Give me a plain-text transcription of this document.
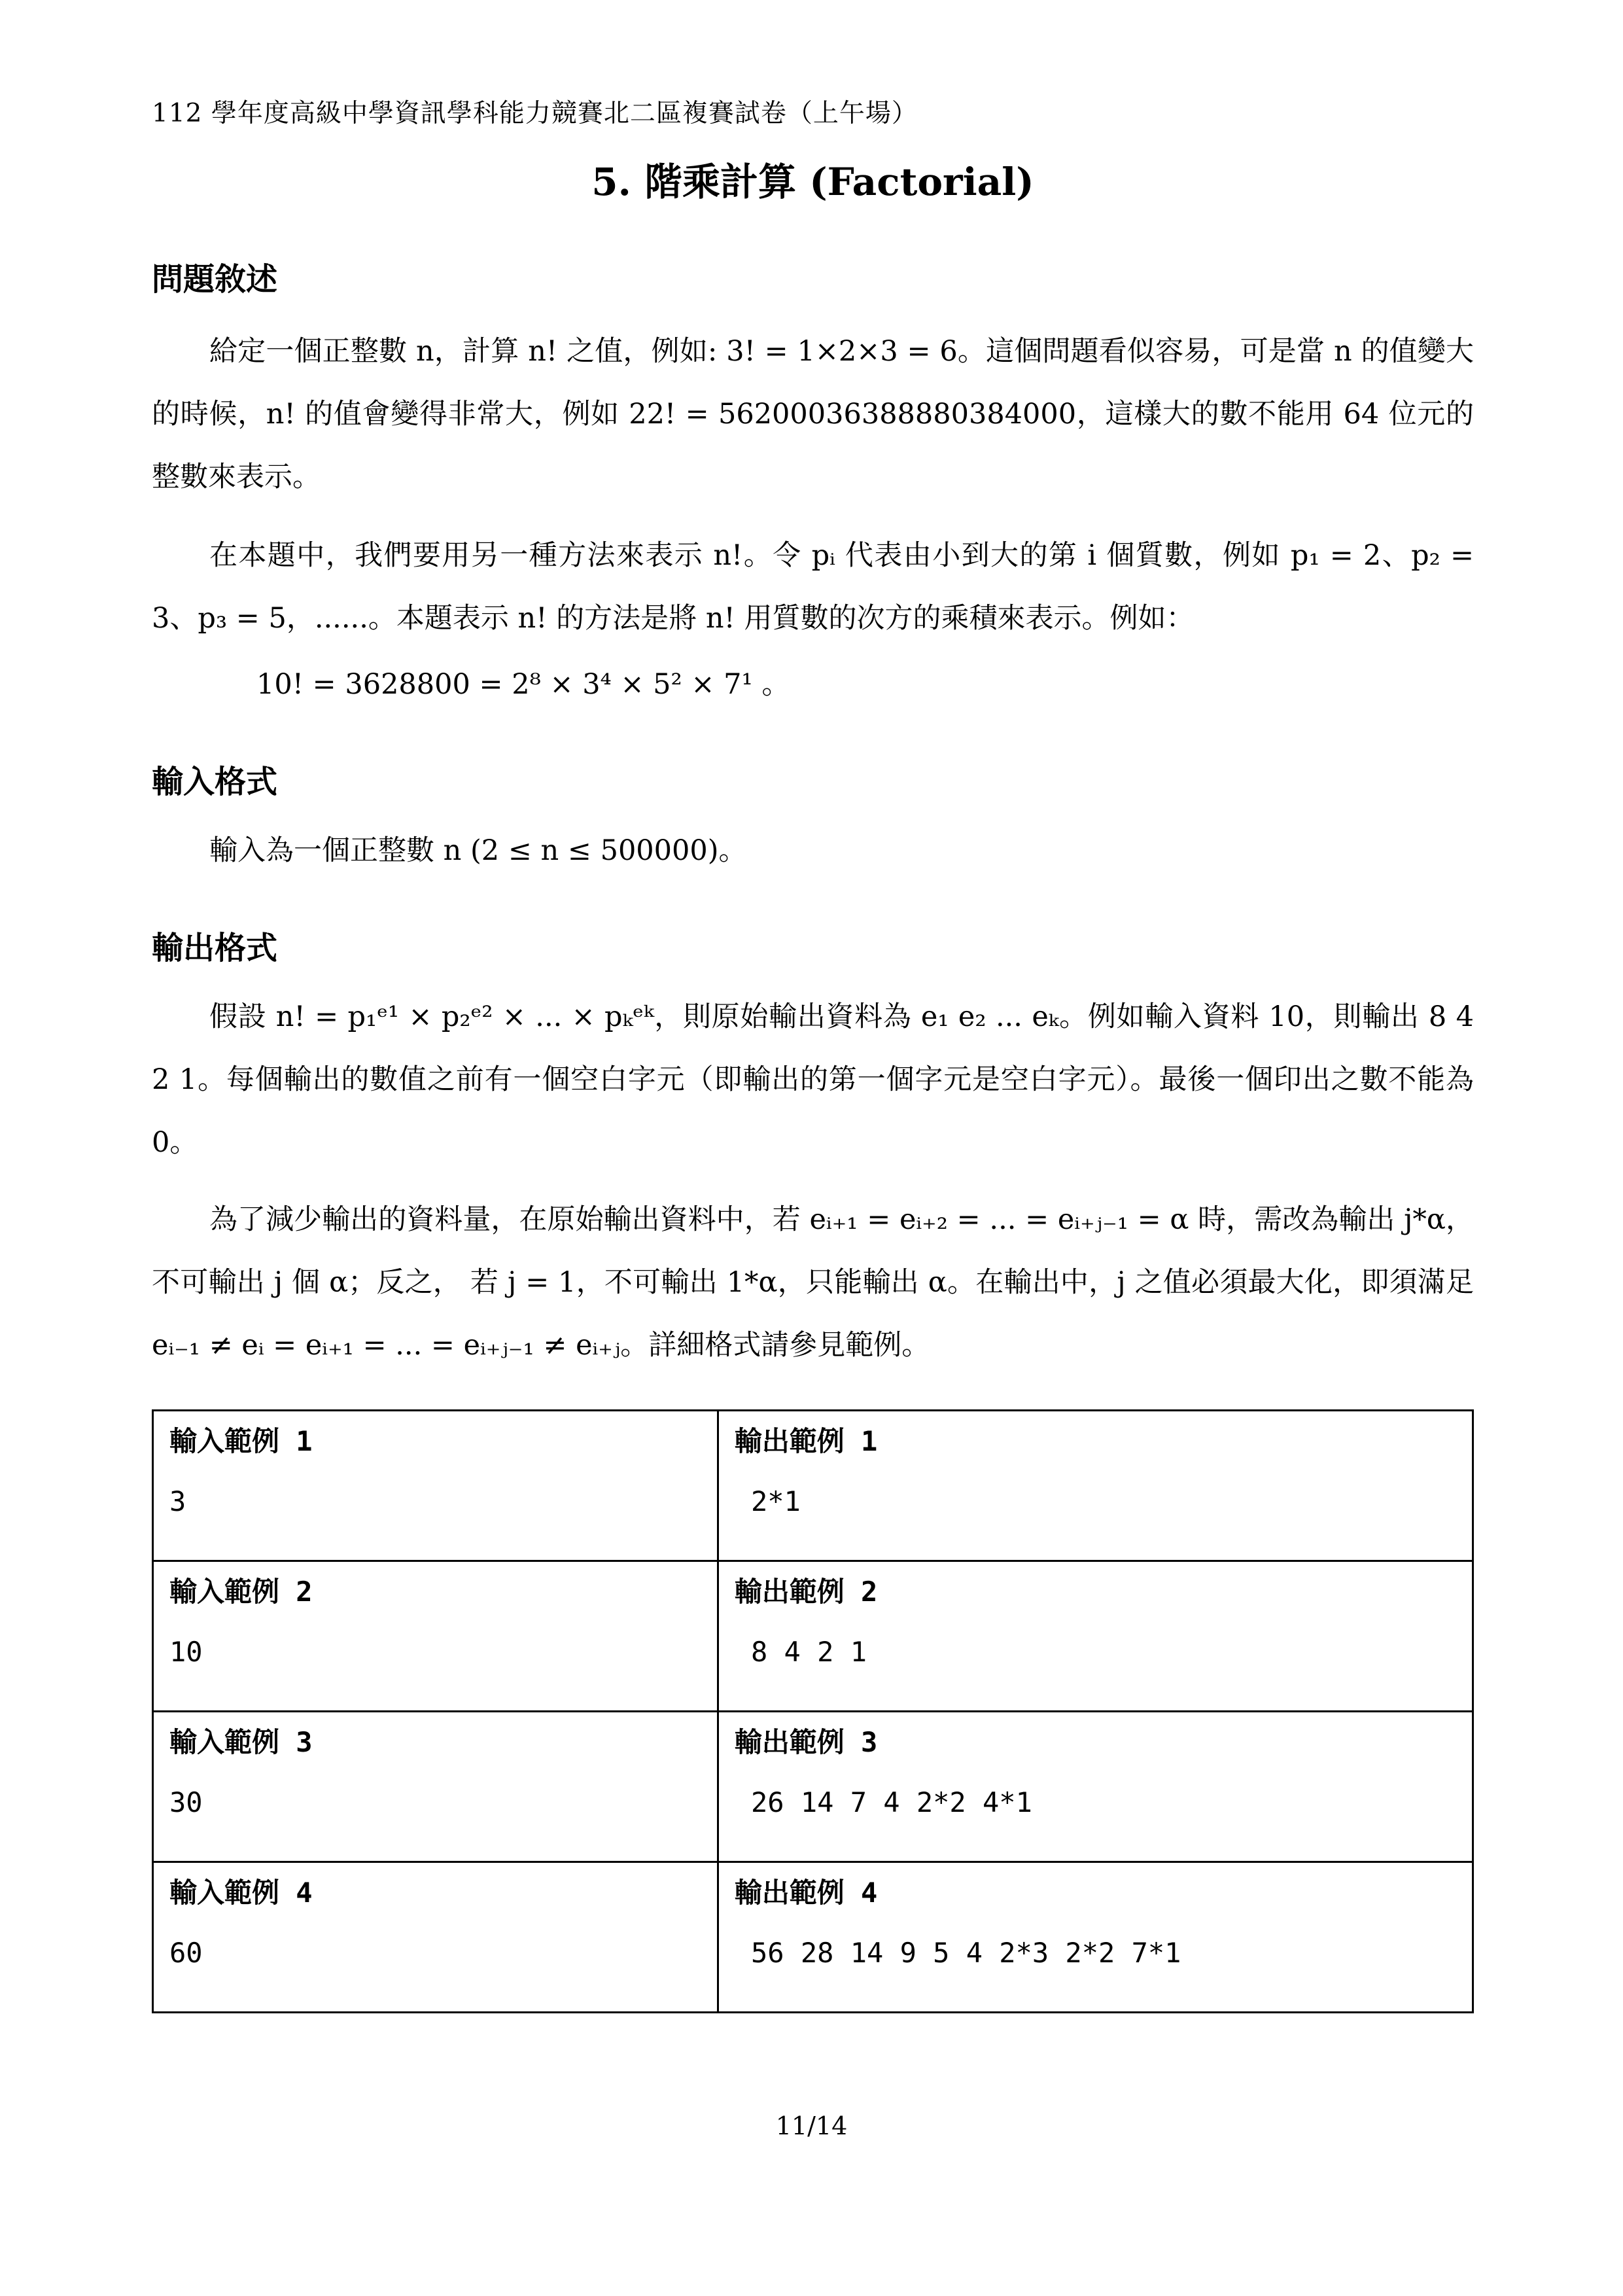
112 學年度高級中學資訊學科能力競賽北二區複賽試卷（上午場）
5. 階乘計算 (Factorial)
問題敘述
給定一個正整數 n，計算 n! 之值，例如: 3! = 1×2×3 = 6。這個問題看似容易，可是當 n 的值變大的時候，n! 的值會變得非常大，例如 22! = 56200036388880384000，這樣大的數不能用 64 位元的整數來表示。
在本題中，我們要用另一種方法來表示 n!。令 pᵢ 代表由小到大的第 i 個質數，例如 p₁ = 2、p₂ = 3、p₃ = 5，......。本題表示 n! 的方法是將 n! 用質數的次方的乘積來表示。例如：
10! = 3628800 = 2⁸ × 3⁴ × 5² × 7¹ 。
輸入格式
輸入為一個正整數 n (2 ≤ n ≤ 500000)。
輸出格式
假設 n! = p₁ᵉ¹ × p₂ᵉ² × ... × pₖᵉᵏ，則原始輸出資料為 e₁ e₂ ... eₖ。例如輸入資料 10，則輸出 8 4 2 1。每個輸出的數值之前有一個空白字元（即輸出的第一個字元是空白字元）。最後一個印出之數不能為 0。
為了減少輸出的資料量，在原始輸出資料中，若 eᵢ₊₁ = eᵢ₊₂ = ... = eᵢ₊ⱼ₋₁ = α 時，需改為輸出 j*α，不可輸出 j 個 α；反之， 若 j = 1，不可輸出 1*α，只能輸出 α。在輸出中，j 之值必須最大化，即須滿足 eᵢ₋₁ ≠ eᵢ = eᵢ₊₁ = ... = eᵢ₊ⱼ₋₁ ≠ eᵢ₊ⱼ。詳細格式請參見範例。
輸入範例 1
3

輸出範例 1
2*1

輸入範例 2
10

輸出範例 2
8 4 2 1

輸入範例 3
30

輸出範例 3
26 14 7 4 2*2 4*1

輸入範例 4
60

輸出範例 4
56 28 14 9 5 4 2*3 2*2 7*1
11/14
